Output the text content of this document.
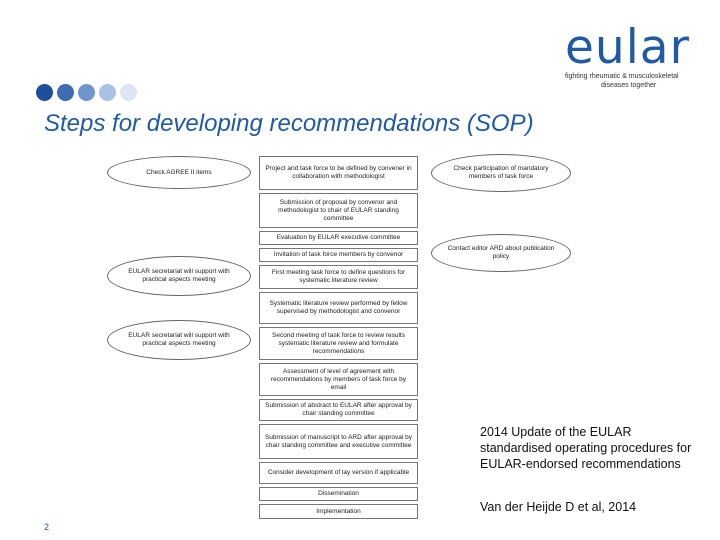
eular
fighting rheumatic & musculoskeletal
diseases together
Steps for developing recommendations (SOP)
Project and task force to be defined by convener in collaboration with methodologist
Submission of proposal by convenor and methodologist to chair of EULAR standing committee
Evaluation by EULAR executive committee
Invitation of task force members by convenor
First meeting task force to define questions for systematic literature review
Systematic literature review performed by fellow supervised by methodologist and convenor
Second meeting of task force to review results systematic literature review and formulate recommendations
Assessment of level of agreement with recommendations by members of task force by email
Submission of abstract to EULAR after approval by chair standing committee
Submission of manuscript to ARD after approval by chair standing committee and executive committee
Consider development of lay version if applicable
Dissemination
Implementation
Check AGREE II items
EULAR secretariat will support with practical aspects meeting
EULAR secretariat will support with practical aspects meeting
Check participation of mandatory members of task force
Contact editor ARD about publication policy
2014 Update of the EULAR standardised operating procedures for EULAR-endorsed recommendations
Van der Heijde D et al, 2014
2
